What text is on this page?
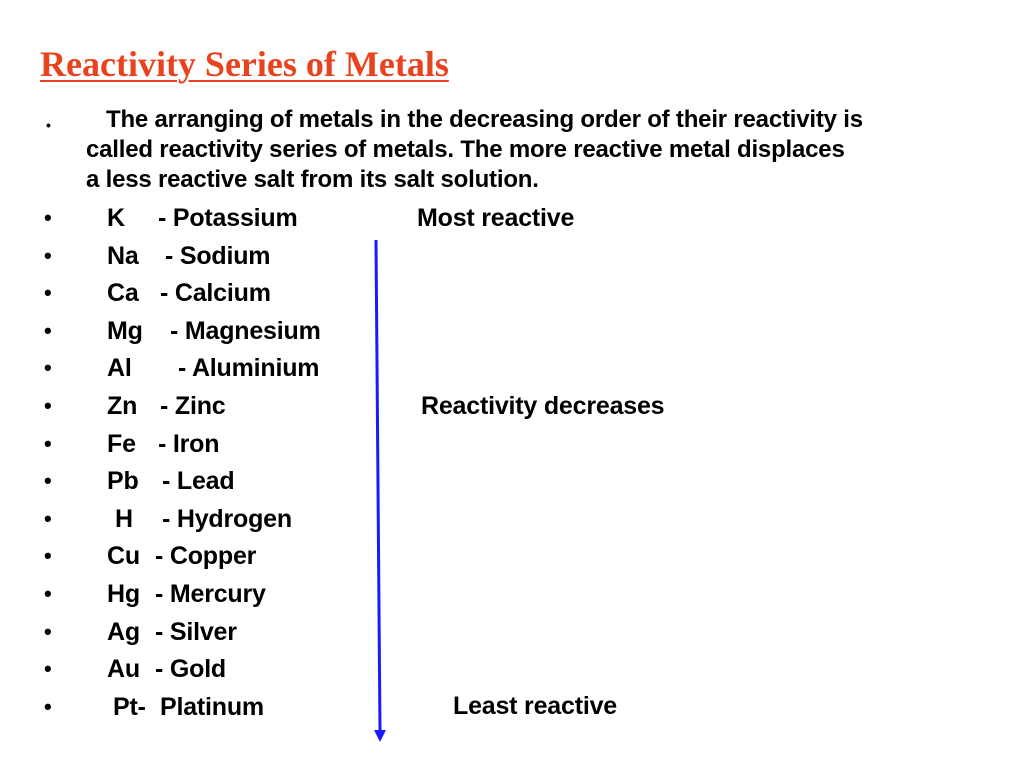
Reactivity Series of Metals
•	The arranging of metals in the decreasing order of their reactivity is
called reactivity series of metals. The more reactive metal displaces
a less reactive salt from its salt solution.
• K - Potassium
• Na - Sodium
• Ca - Calcium
• Mg - Magnesium
• Al - Aluminium
• Zn - Zinc
• Fe - Iron
• Pb - Lead
•	H - Hydrogen
• Cu - Copper
• Hg - Mercury
• Ag - Silver
• Au - Gold
• Pt- Platinum
Most reactive
Reactivity decreases
Least reactive
